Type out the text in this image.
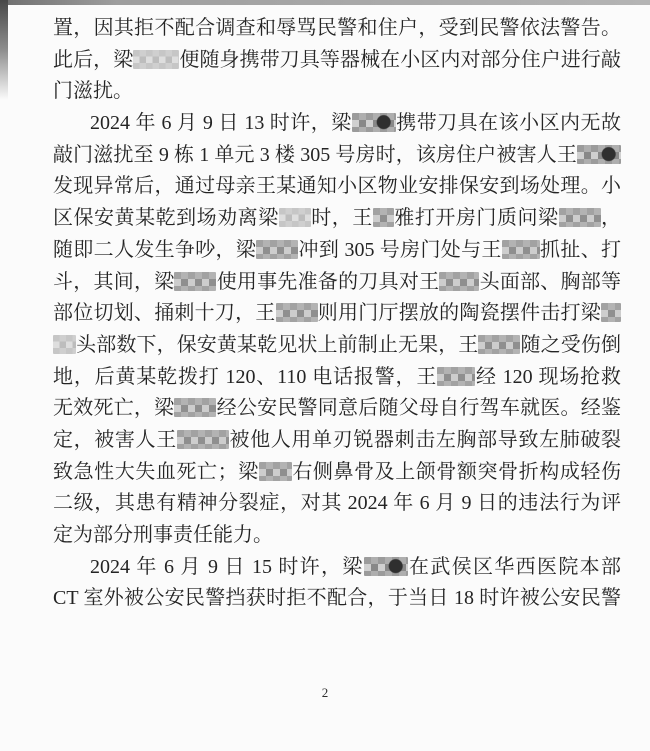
置，因其拒不配合调查和辱骂民警和住户，受到民警依法警告。
此后，梁 便随身携带刀具等器械在小区内对部分住户进行敲
门滋扰。
2024 年 6 月 9 日 13 时许，梁 携带刀具在该小区内无故
敲门滋扰至 9 栋 1 单元 3 楼 305 号房时，该房住户被害人王
发现异常后，通过母亲王某通知小区物业安排保安到场处理。小
区保安黄某乾到场劝离梁 时，王 雅打开房门质问梁 ，
随即二人发生争吵，梁 冲到 305 号房门处与王 抓扯、打
斗，其间，梁 使用事先准备的刀具对王 头面部、胸部等
部位切划、捅刺十刀，王 则用门厅摆放的陶瓷摆件击打梁
头部数下，保安黄某乾见状上前制止无果，王 随之受伤倒
地，后黄某乾拨打 120、110 电话报警，王 经 120 现场抢救
无效死亡，梁 经公安民警同意后随父母自行驾车就医。经鉴
定，被害人王	被他人用单刃锐器刺击左胸部导致左肺破裂
致急性大失血死亡；梁 右侧鼻骨及上颌骨额突骨折构成轻伤
二级，其患有精神分裂症，对其 2024 年 6 月 9 日的违法行为评
定为部分刑事责任能力。
2024 年 6 月 9 日 15 时许，梁 在武侯区华西医院本部
CT 室外被公安民警挡获时拒不配合，于当日 18 时许被公安民警
2
